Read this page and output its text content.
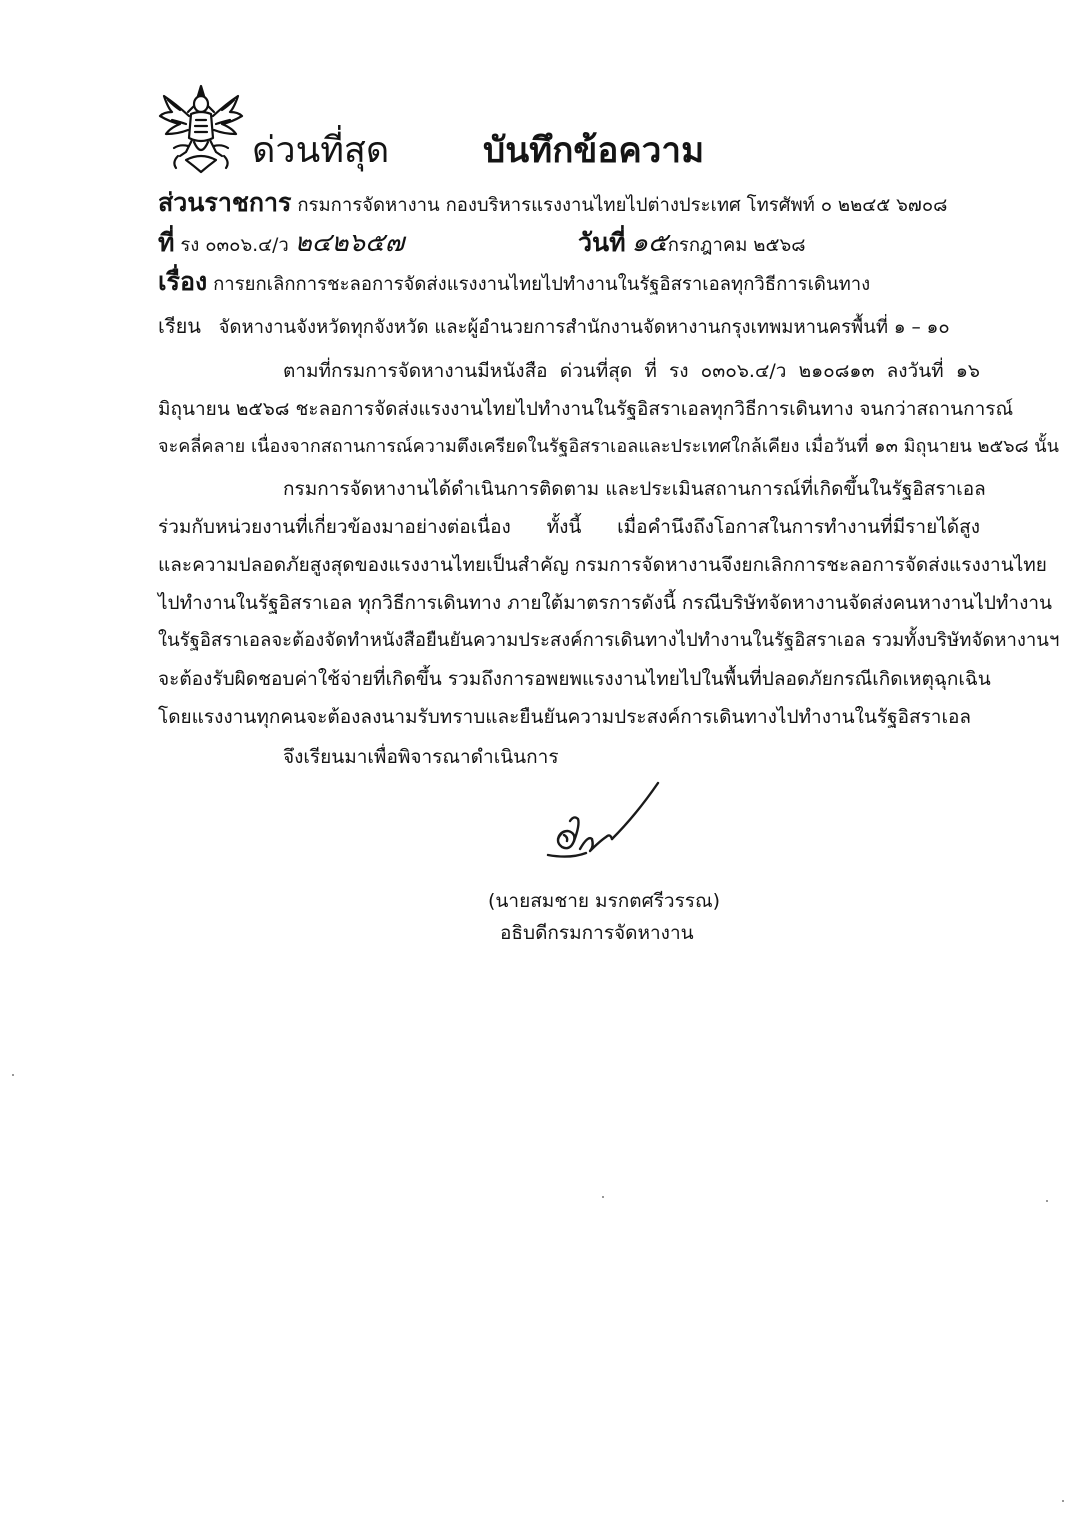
ด่วนที่สุด	บันทึกข้อความ
ส่วนราชการ กรมการจัดหางาน กองบริหารแรงงานไทยไปต่างประเทศ โทรศัพท์ ๐ ๒๒๔๕ ๖๗๐๘
ที่ รง ๐๓๐๖.๔/ว ๒๔๒๖๕๗	วันที่ ๑๕กรกฎาคม ๒๕๖๘
เรื่อง การยกเลิกการชะลอการจัดส่งแรงงานไทยไปทำงานในรัฐอิสราเอลทุกวิธีการเดินทาง
เรียน จัดหางานจังหวัดทุกจังหวัด และผู้อำนวยการสำนักงานจัดหางานกรุงเทพมหานครพื้นที่ ๑ – ๑๐
ตามที่กรมการจัดหางานมีหนังสือ ด่วนที่สุด ที่ รง ๐๓๐๖.๔/ว ๒๑๐๘๑๓ ลงวันที่ ๑๖
มิถุนายน ๒๕๖๘ ชะลอการจัดส่งแรงงานไทยไปทำงานในรัฐอิสราเอลทุกวิธีการเดินทาง จนกว่าสถานการณ์
จะคลี่คลาย เนื่องจากสถานการณ์ความตึงเครียดในรัฐอิสราเอลและประเทศใกล้เคียง เมื่อวันที่ ๑๓ มิถุนายน ๒๕๖๘ นั้น
กรมการจัดหางานได้ดำเนินการติดตาม และประเมินสถานการณ์ที่เกิดขึ้นในรัฐอิสราเอล
ร่วมกับหน่วยงานที่เกี่ยวข้องมาอย่างต่อเนื่อง ทั้งนี้ เมื่อคำนึงถึงโอกาสในการทำงานที่มีรายได้สูง
และความปลอดภัยสูงสุดของแรงงานไทยเป็นสำคัญ กรมการจัดหางานจึงยกเลิกการชะลอการจัดส่งแรงงานไทย
ไปทำงานในรัฐอิสราเอล ทุกวิธีการเดินทาง ภายใต้มาตรการดังนี้ กรณีบริษัทจัดหางานจัดส่งคนหางานไปทำงาน
ในรัฐอิสราเอลจะต้องจัดทำหนังสือยืนยันความประสงค์การเดินทางไปทำงานในรัฐอิสราเอล รวมทั้งบริษัทจัดหางานฯ
จะต้องรับผิดชอบค่าใช้จ่ายที่เกิดขึ้น รวมถึงการอพยพแรงงานไทยไปในพื้นที่ปลอดภัยกรณีเกิดเหตุฉุกเฉิน
โดยแรงงานทุกคนจะต้องลงนามรับทราบและยืนยันความประสงค์การเดินทางไปทำงานในรัฐอิสราเอล
จึงเรียนมาเพื่อพิจารณาดำเนินการ
(นายสมชาย มรกตศรีวรรณ)
อธิบดีกรมการจัดหางาน
